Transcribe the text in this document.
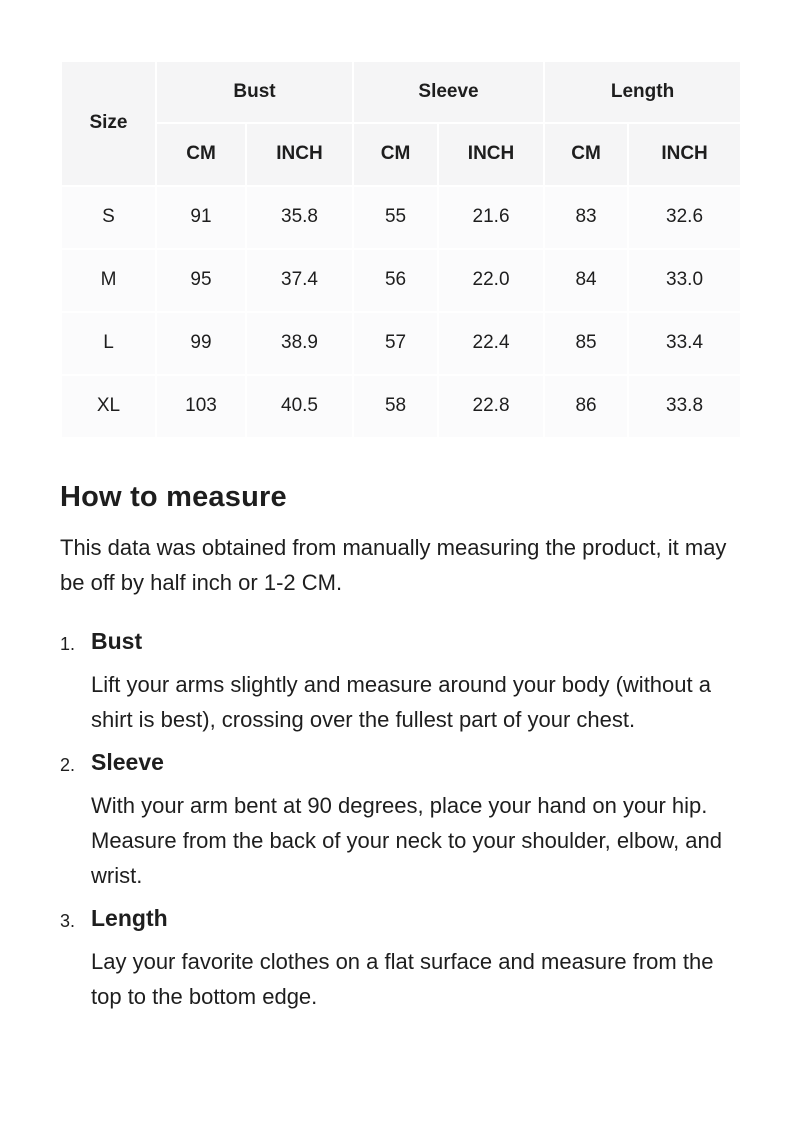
Size	Bust		Sleeve		Length	
	CM	INCH	CM	INCH	CM	INCH
S	91	35.8	55	21.6	83	32.6
M	95	37.4	56	22.0	84	33.0
L	99	38.9	57	22.4	85	33.4
XL	103	40.5	58	22.8	86	33.8
How to measure

This data was obtained from manually measuring the product, it may be off by half inch or 1-2 CM.

1. Bust
Lift your arms slightly and measure around your body (without a shirt is best), crossing over the fullest part of your chest.
2. Sleeve
With your arm bent at 90 degrees, place your hand on your hip. Measure from the back of your neck to your shoulder, elbow, and wrist.
3. Length
Lay your favorite clothes on a flat surface and measure from the top to the bottom edge.
